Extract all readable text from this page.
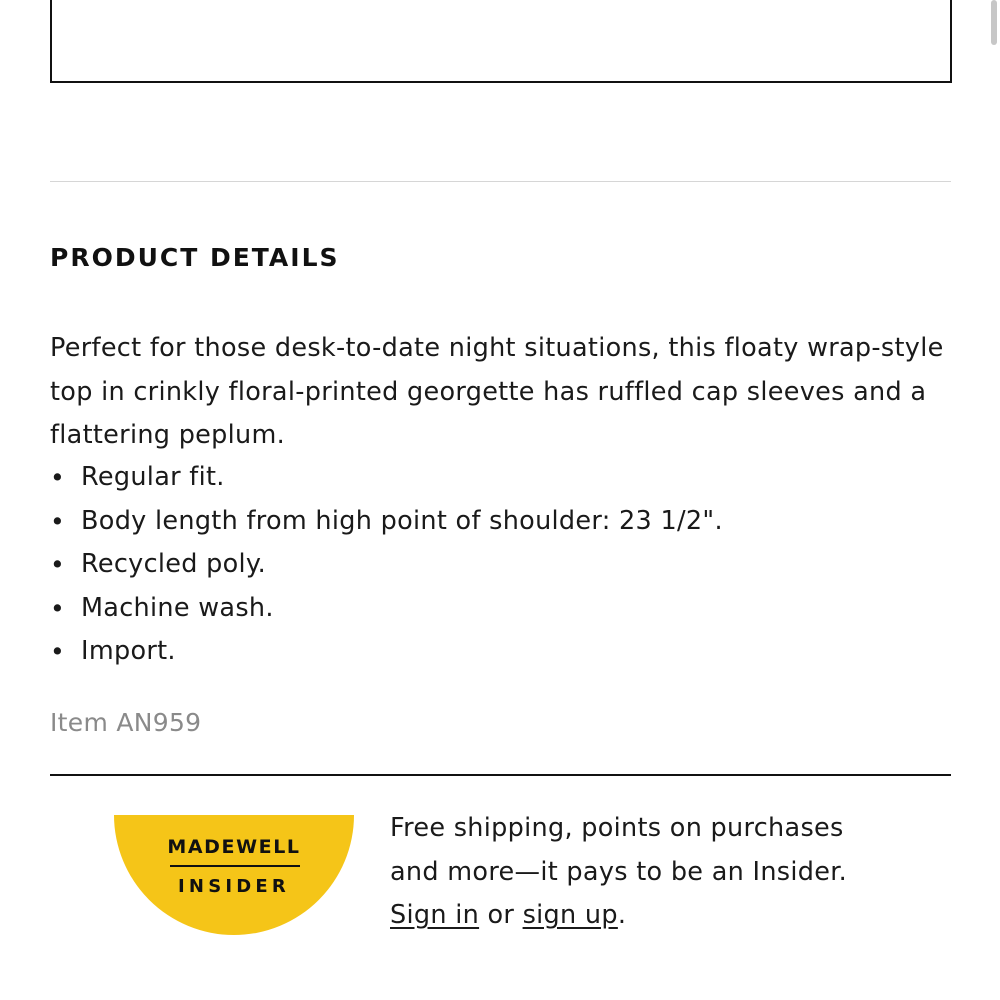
PRODUCT DETAILS

Perfect for those desk-to-date night situations, this floaty wrap-style top in crinkly floral-printed georgette has ruffled cap sleeves and a flattering peplum.

• Regular fit.
• Body length from high point of shoulder: 23 1/2".
• Recycled poly.
• Machine wash.
• Import.
Item AN959
MADEWELL
INSIDER
Free shipping, points on purchases
and more—it pays to be an Insider.
Sign in or sign up.
